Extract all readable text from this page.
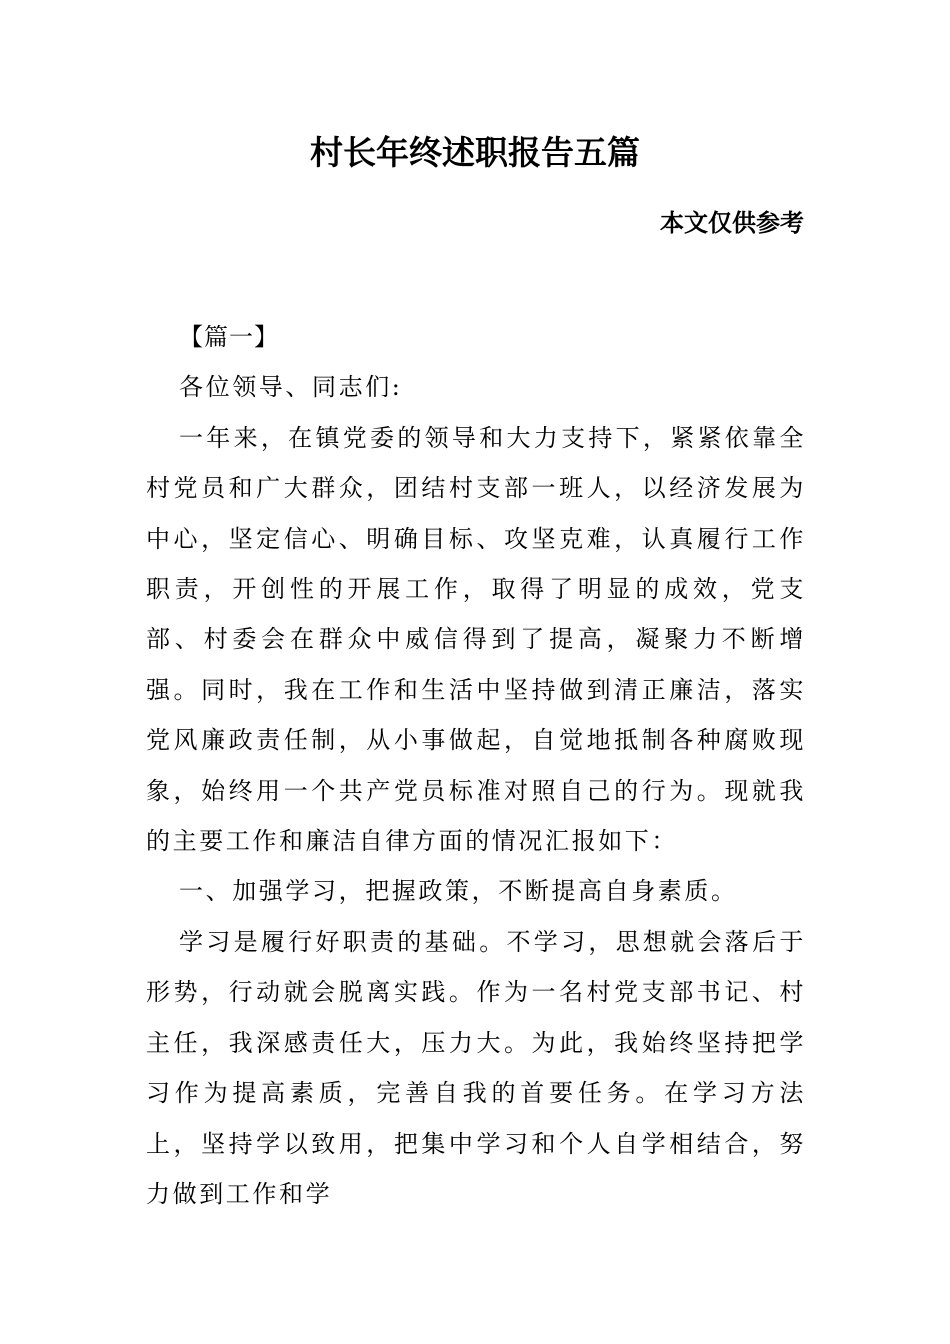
村长年终述职报告五篇
本文仅供参考

【篇一】

各位领导、同志们:

一年来，在镇党委的领导和大力支持下，紧紧依靠全村党员和广大群众，团结村支部一班人，以经济发展为中心，坚定信心、明确目标、攻坚克难，认真履行工作职责，开创性的开展工作，取得了明显的成效，党支部、村委会在群众中威信得到了提高，凝聚力不断增强。同时，我在工作和生活中坚持做到清正廉洁，落实党风廉政责任制，从小事做起，自觉地抵制各种腐败现象，始终用一个共产党员标准对照自己的行为。现就我的主要工作和廉洁自律方面的情况汇报如下：

一、加强学习，把握政策，不断提高自身素质。

学习是履行好职责的基础。不学习，思想就会落后于形势，行动就会脱离实践。作为一名村党支部书记、村主任，我深感责任大，压力大。为此，我始终坚持把学习作为提高素质，完善自我的首要任务。在学习方法上，坚持学以致用，把集中学习和个人自学相结合，努力做到工作和学
